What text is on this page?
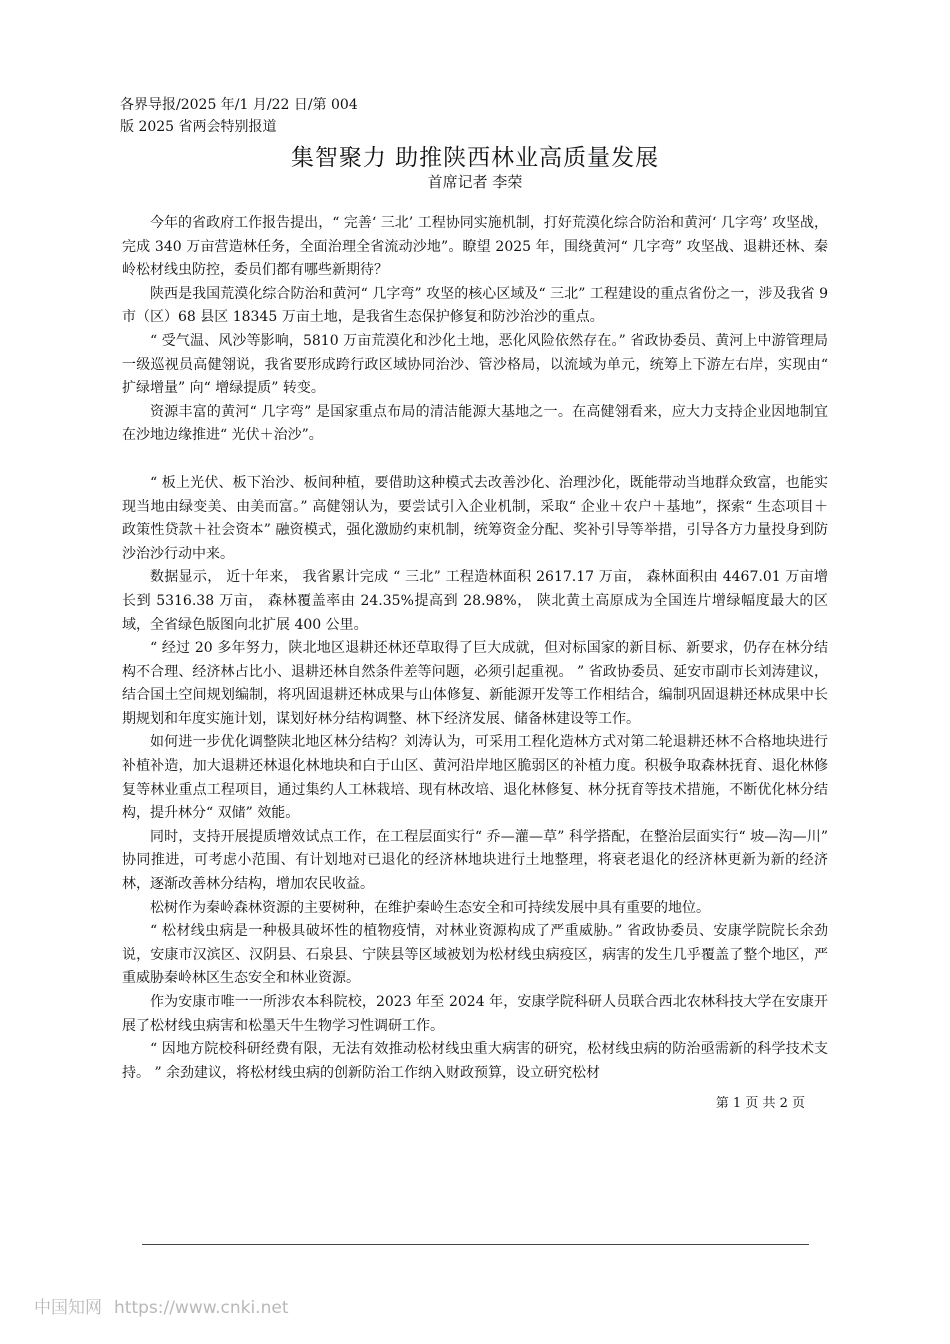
各界导报/2025 年/1 月/22 日/第 004
版 2025 省两会特别报道
集智聚力 助推陕西林业高质量发展
首席记者 李荣

今年的省政府工作报告提出，“ 完善‘ 三北’ 工程协同实施机制，打好荒漠化综合防治和黄河‘ 几字弯’ 攻坚战，完成 340 万亩营造林任务，全面治理全省流动沙地”。瞭望 2025 年，围绕黄河“ 几字弯” 攻坚战、退耕还林、秦岭松材线虫防控，委员们都有哪些新期待？

陕西是我国荒漠化综合防治和黄河“ 几字弯” 攻坚的核心区域及“ 三北” 工程建设的重点省份之一，涉及我省 9 市（区）68 县区 18345 万亩土地，是我省生态保护修复和防沙治沙的重点。

“ 受气温、风沙等影响，5810 万亩荒漠化和沙化土地，恶化风险依然存在。” 省政协委员、黄河上中游管理局一级巡视员高健翎说，我省要形成跨行政区域协同治沙、管沙格局，以流域为单元，统筹上下游左右岸，实现由“ 扩绿增量” 向“ 增绿提质” 转变。

资源丰富的黄河“ 几字弯” 是国家重点布局的清洁能源大基地之一。在高健翎看来，应大力支持企业因地制宜在沙地边缘推进“ 光伏＋治沙”。

“ 板上光伏、板下治沙、板间种植，要借助这种模式去改善沙化、治理沙化，既能带动当地群众致富，也能实现当地由绿变美、由美而富。” 高健翎认为，要尝试引入企业机制，采取“ 企业＋农户＋基地”，探索“ 生态项目＋政策性贷款＋社会资本” 融资模式，强化激励约束机制，统筹资金分配、奖补引导等举措，引导各方力量投身到防沙治沙行动中来。

数据显示， 近十年来， 我省累计完成 “ 三北” 工程造林面积 2617.17 万亩， 森林面积由 4467.01 万亩增长到 5316.38 万亩， 森林覆盖率由 24.35%提高到 28.98%， 陕北黄土高原成为全国连片增绿幅度最大的区域，全省绿色版图向北扩展 400 公里。

“ 经过 20 多年努力，陕北地区退耕还林还草取得了巨大成就，但对标国家的新目标、新要求，仍存在林分结构不合理、经济林占比小、退耕还林自然条件差等问题，必须引起重视。 ” 省政协委员、延安市副市长刘涛建议，结合国土空间规划编制，将巩固退耕还林成果与山体修复、新能源开发等工作相结合，编制巩固退耕还林成果中长期规划和年度实施计划，谋划好林分结构调整、林下经济发展、储备林建设等工作。

如何进一步优化调整陕北地区林分结构？刘涛认为，可采用工程化造林方式对第二轮退耕还林不合格地块进行补植补造，加大退耕还林退化林地块和白于山区、黄河沿岸地区脆弱区的补植力度。积极争取森林抚育、退化林修复等林业重点工程项目，通过集约人工林栽培、现有林改培、退化林修复、林分抚育等技术措施，不断优化林分结构，提升林分“ 双储” 效能。

同时，支持开展提质增效试点工作，在工程层面实行“ 乔—灌—草” 科学搭配，在整治层面实行“ 坡—沟—川” 协同推进，可考虑小范围、有计划地对已退化的经济林地块进行土地整理，将衰老退化的经济林更新为新的经济林，逐渐改善林分结构，增加农民收益。

松树作为秦岭森林资源的主要树种，在维护秦岭生态安全和可持续发展中具有重要的地位。

“ 松材线虫病是一种极具破坏性的植物疫情，对林业资源构成了严重威胁。” 省政协委员、安康学院院长余劲说，安康市汉滨区、汉阴县、石泉县、宁陕县等区域被划为松材线虫病疫区，病害的发生几乎覆盖了整个地区，严重威胁秦岭林区生态安全和林业资源。

作为安康市唯一一所涉农本科院校，2023 年至 2024 年，安康学院科研人员联合西北农林科技大学在安康开展了松材线虫病害和松墨天牛生物学习性调研工作。

“ 因地方院校科研经费有限，无法有效推动松材线虫重大病害的研究，松材线虫病的防治亟需新的科学技术支持。 ” 余劲建议，将松材线虫病的创新防治工作纳入财政预算，设立研究松材

第 1 页 共 2 页
中国知网 https://www.cnki.net
